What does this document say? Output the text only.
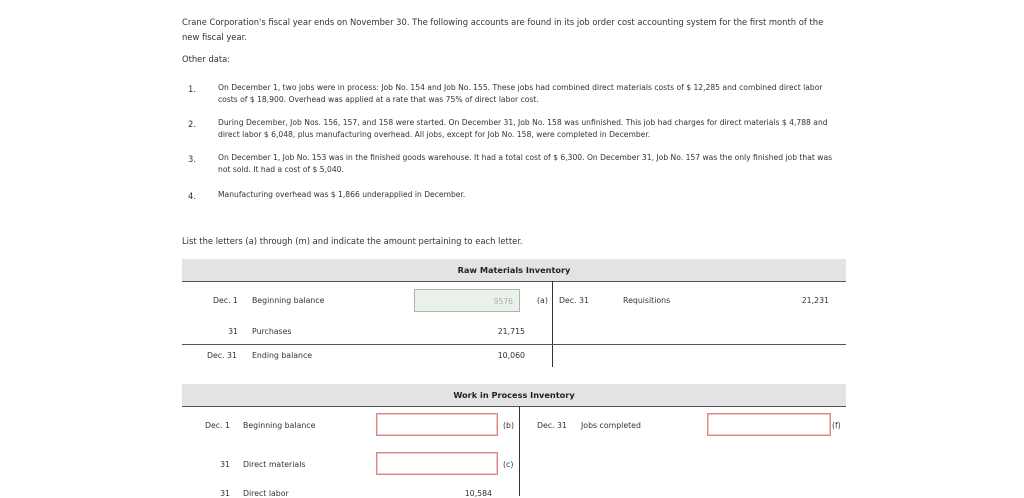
Crane Corporation's fiscal year ends on November 30. The following accounts are found in its job order cost accounting system for the first month of the new fiscal year.
Other data:
1.	On December 1, two jobs were in process: Job No. 154 and Job No. 155. These jobs had combined direct materials costs of $ 12,285 and combined direct labor costs of $ 18,900. Overhead was applied at a rate that was 75% of direct labor cost.
2.	During December, Job Nos. 156, 157, and 158 were started. On December 31, Job No. 158 was unfinished. This job had charges for direct materials $ 4,788 and direct labor $ 6,048, plus manufacturing overhead. All jobs, except for Job No. 158, were completed in December.
3.	On December 1, Job No. 153 was in the finished goods warehouse. It had a total cost of $ 6,300. On December 31, Job No. 157 was the only finished job that was not sold. It had a cost of $ 5,040.
4.	Manufacturing overhead was $ 1,866 underapplied in December.
List the letters (a) through (m) and indicate the amount pertaining to each letter.
Raw Materials Inventory
Dec. 1 Beginning balance	9576	(a) Dec. 31	Requisitions	21,231
31 Purchases	21,715
Dec. 31 Ending balance	10,060
Work in Process Inventory
Dec. 1 Beginning balance	(b)	Dec. 31 Jobs completed	(f)
31 Direct materials	(c)
31 Direct labor	10,584
